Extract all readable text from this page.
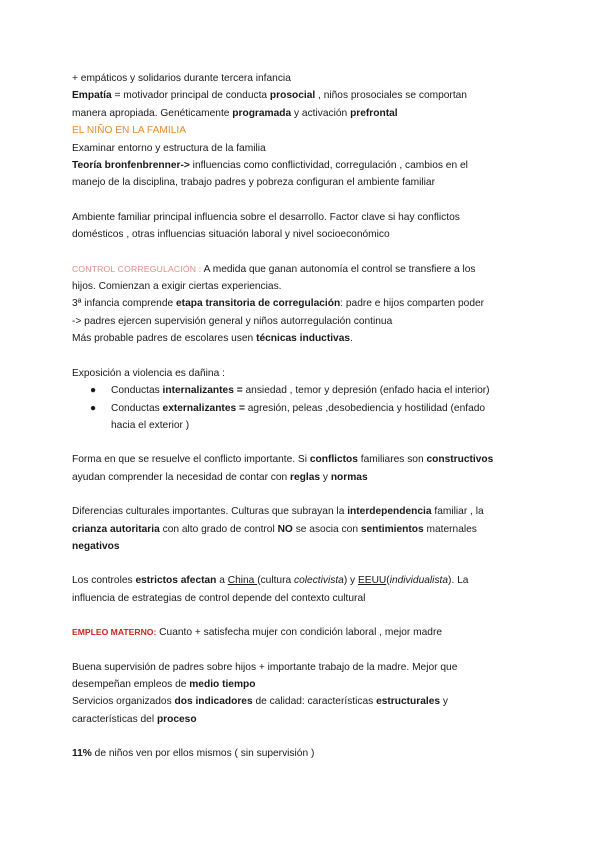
+ empáticos y solidarios durante tercera infancia
Empatía = motivador principal de conducta prosocial , niños prosociales se comportan
manera apropiada. Genéticamente programada y activación prefrontal
EL NIÑO EN LA FAMILIA
Examinar entorno y estructura de la familia
Teoría bronfenbrenner-> influencias como conflictividad, corregulación , cambios en el
manejo de la disciplina, trabajo padres y pobreza configuran el ambiente familiar
Ambiente familiar principal influencia sobre el desarrollo. Factor clave si hay conflictos
domésticos , otras influencias situación laboral y nivel socioeconómico
CONTROL CORREGULACIÓN : A medida que ganan autonomía el control se transfiere a los
hijos. Comienzan a exigir ciertas experiencias.
3ª infancia comprende etapa transitoria de corregulación: padre e hijos comparten poder
-> padres ejercen supervisión general y niños autorregulación continua
Más probable padres de escolares usen técnicas inductivas.
Exposición a violencia es dañina :
● Conductas internalizantes = ansiedad , temor y depresión (enfado hacia el interior)
● Conductas externalizantes = agresión, peleas ,desobediencia y hostilidad (enfado
hacia el exterior )
Forma en que se resuelve el conflicto importante. Si conflictos familiares son constructivos
ayudan comprender la necesidad de contar con reglas y normas
Diferencias culturales importantes. Culturas que subrayan la interdependencia familiar , la
crianza autoritaria con alto grado de control NO se asocia con sentimientos maternales
negativos
Los controles estrictos afectan a China (cultura colectivista) y EEUU(individualista). La
influencia de estrategias de control depende del contexto cultural
EMPLEO MATERNO: Cuanto + satisfecha mujer con condición laboral , mejor madre
Buena supervisión de padres sobre hijos + importante trabajo de la madre. Mejor que
desempeñan empleos de medio tiempo
Servicios organizados dos indicadores de calidad: características estructurales y
características del proceso
11% de niños ven por ellos mismos ( sin supervisión )
